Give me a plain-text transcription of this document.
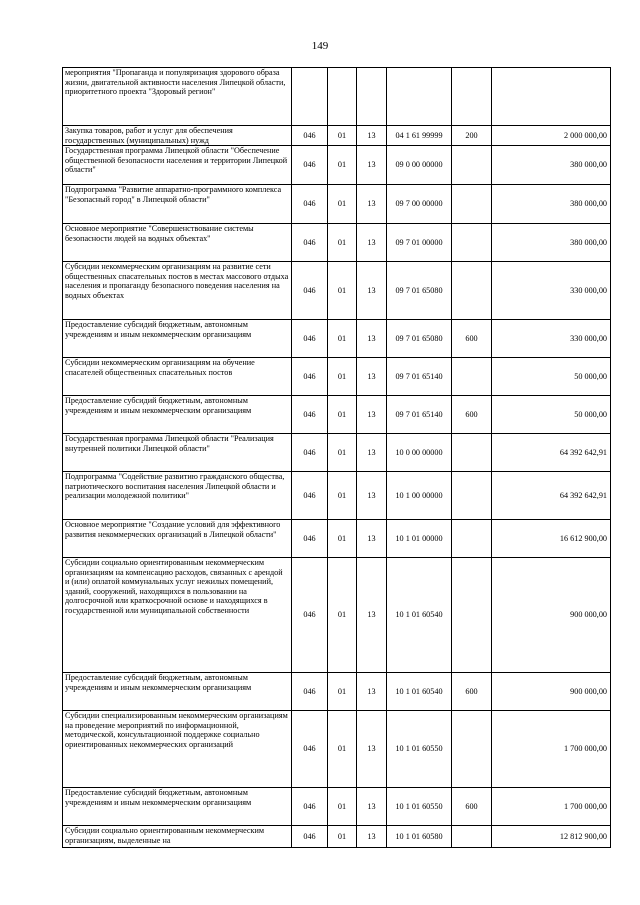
149
мероприятия "Пропаганда и популяризация здорового образа жизни, двигательной активности населения Липецкой области, приоритетного проекта "Здоровый регион"						
Закупка товаров, работ и услуг для обеспечения государственных (муниципальных) нужд	046	01	13	04 1 61 99999	200	2 000 000,00
Государственная программа Липецкой области "Обеспечение общественной безопасности населения и территории Липецкой области"	046	01	13	09 0 00 00000		380 000,00
Подпрограмма "Развитие аппаратно-программного комплекса "Безопасный город" в Липецкой области"	046	01	13	09 7 00 00000		380 000,00
Основное мероприятие "Совершенствование системы безопасности людей на водных объектах"	046	01	13	09 7 01 00000		380 000,00
Субсидии некоммерческим организациям на развитие сети общественных спасательных постов в местах массового отдыха населения и пропаганду безопасного поведения населения на водных объектах	046	01	13	09 7 01 65080		330 000,00
Предоставление субсидий бюджетным, автономным учреждениям и иным некоммерческим организациям	046	01	13	09 7 01 65080	600	330 000,00
Субсидии некоммерческим организациям на обучение спасателей общественных спасательных постов	046	01	13	09 7 01 65140		50 000,00
Предоставление субсидий бюджетным, автономным учреждениям и иным некоммерческим организациям	046	01	13	09 7 01 65140	600	50 000,00
Государственная программа Липецкой области "Реализация внутренней политики Липецкой области"	046	01	13	10 0 00 00000		64 392 642,91
Подпрограмма "Содействие развитию гражданского общества, патриотического воспитания населения Липецкой области и реализации молодежной политики"	046	01	13	10 1 00 00000		64 392 642,91
Основное мероприятие "Создание условий для эффективного развития некоммерческих организаций в Липецкой области"	046	01	13	10 1 01 00000		16 612 900,00
Субсидии социально ориентированным некоммерческим организациям на компенсацию расходов, связанных с арендой и (или) оплатой коммунальных услуг нежилых помещений, зданий, сооружений, находящихся в пользовании на долгосрочной или краткосрочной основе и находящихся в государственной или муниципальной собственности	046	01	13	10 1 01 60540		900 000,00
Предоставление субсидий бюджетным, автономным учреждениям и иным некоммерческим организациям	046	01	13	10 1 01 60540	600	900 000,00
Субсидии специализированным некоммерческим организациям на проведение мероприятий по информационной, методической, консультационной поддержке социально ориентированных некоммерческих организаций	046	01	13	10 1 01 60550		1 700 000,00
Предоставление субсидий бюджетным, автономным учреждениям и иным некоммерческим организациям	046	01	13	10 1 01 60550	600	1 700 000,00
Субсидии социально ориентированным некоммерческим организациям, выделенные на	046	01	13	10 1 01 60580		12 812 900,00
